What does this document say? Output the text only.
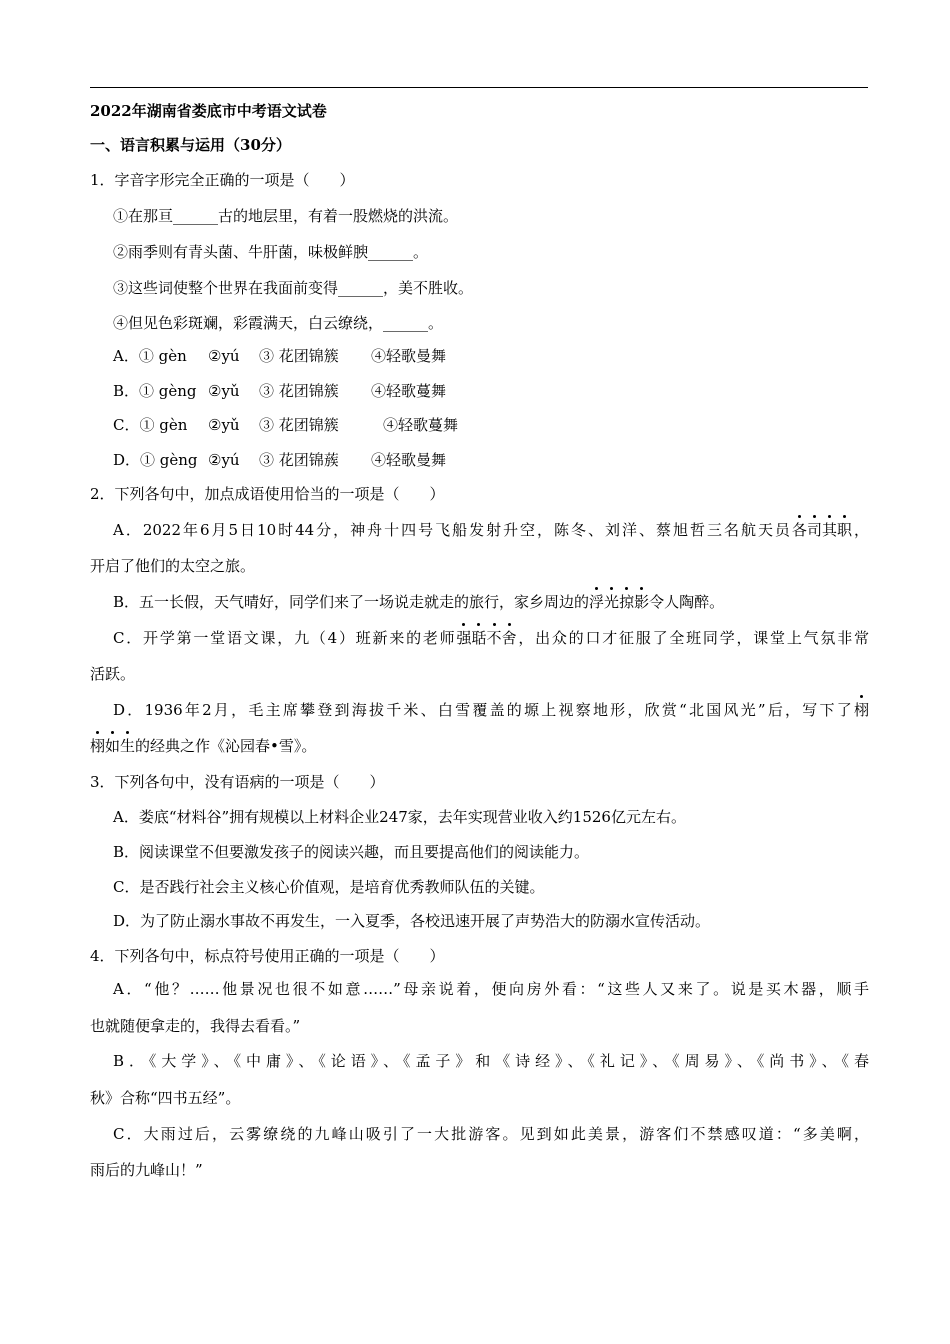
2022年湖南省娄底市中考语文试卷
一、语言积累与运用（30分）
1．字音字形完全正确的一项是（　　）
①在那亘______古的地层里，有着一股燃烧的洪流。
②雨季则有青头菌、牛肝菌，味极鲜腴______。
③这些词使整个世界在我面前变得______，美不胜收。
④但见色彩斑斓，彩霞满天，白云缭绕，______。
A．① gèn ②yú ③ 花团锦簇 ④轻歌曼舞
B．① gèng ②yǔ ③ 花团锦簇 ④轻歌蔓舞
C．① gèn ②yǔ ③ 花团锦簇	④轻歌蔓舞
D．① gèng ②yú ③ 花团锦蔟 ④轻歌曼舞
2．下列各句中，加点成语使用恰当的一项是（　　）
A．2022年6月5日10时44分，神舟十四号飞船发射升空，陈冬、刘洋、蔡旭哲三名航天员各司其职，
开启了他们的太空之旅。
B．五一长假，天气晴好，同学们来了一场说走就走的旅行，家乡周边的浮光掠影令人陶醉。
C．开学第一堂语文课，九（4）班新来的老师强聒不舍，出众的口才征服了全班同学，课堂上气氛非常
活跃。
D．1936年2月，毛主席攀登到海拔千米、白雪覆盖的塬上视察地形，欣赏“北国风光”后，写下了栩
栩如生的经典之作《沁园春•雪》。
3．下列各句中，没有语病的一项是（　　）
A．娄底“材料谷”拥有规模以上材料企业247家，去年实现营业收入约1526亿元左右。
B．阅读课堂不但要激发孩子的阅读兴趣，而且要提高他们的阅读能力。
C．是否践行社会主义核心价值观，是培育优秀教师队伍的关键。
D．为了防止溺水事故不再发生，一入夏季，各校迅速开展了声势浩大的防溺水宣传活动。
4．下列各句中，标点符号使用正确的一项是（　　）
A．“他？……他景况也很不如意……”母亲说着，便向房外看：“这些人又来了。说是买木器，顺手
也就随便拿走的，我得去看看。”
B．《大学》、《中庸》、《论语》、《孟子》和《诗经》、《礼记》、《周易》、《尚书》、《春
秋》合称“四书五经”。
C．大雨过后，云雾缭绕的九峰山吸引了一大批游客。见到如此美景，游客们不禁感叹道：“多美啊，
雨后的九峰山！”
